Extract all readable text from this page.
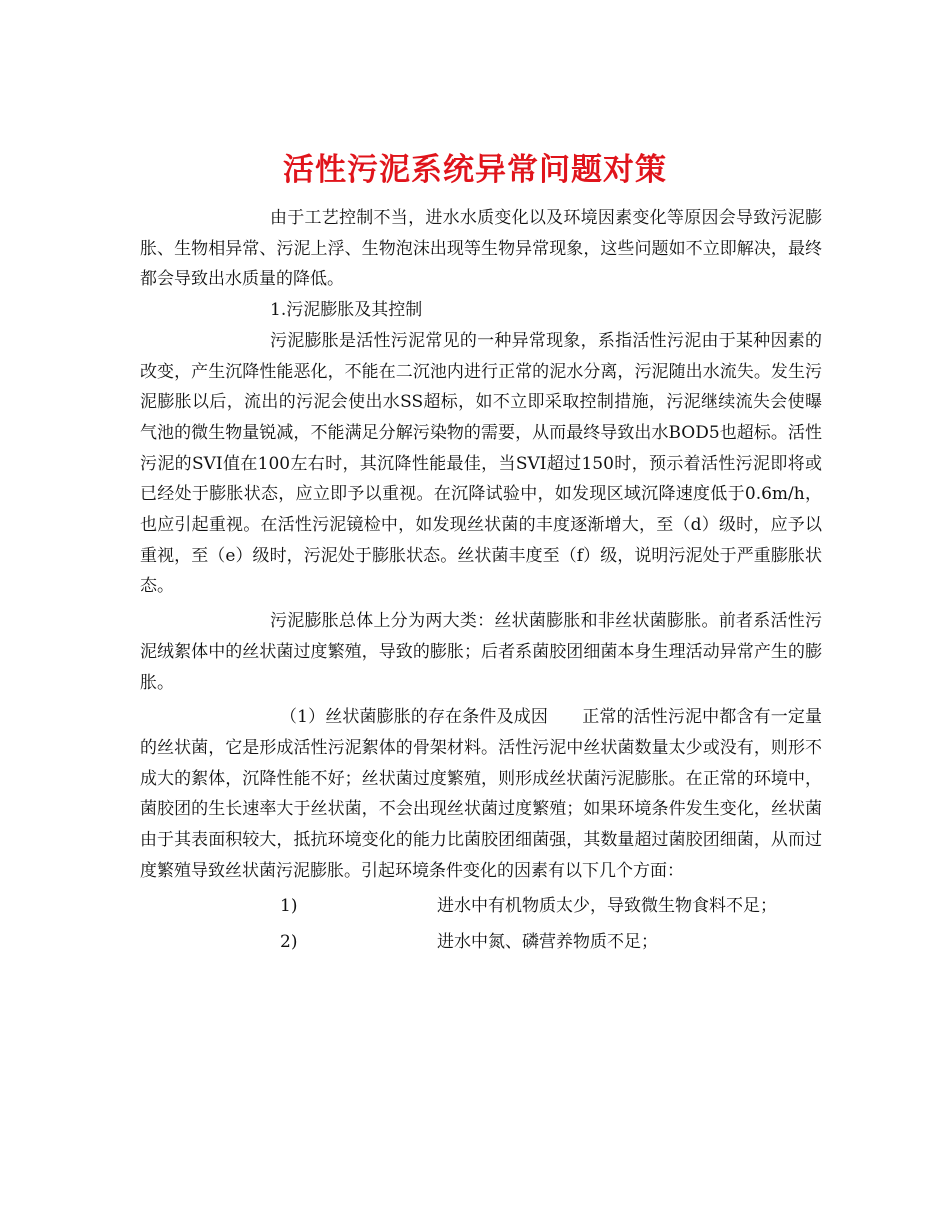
活性污泥系统异常问题对策

由于工艺控制不当，进水水质变化以及环境因素变化等原因会导致污泥膨胀、生物相异常、污泥上浮、生物泡沫出现等生物异常现象，这些问题如不立即解决，最终都会导致出水质量的降低。

1.污泥膨胀及其控制

污泥膨胀是活性污泥常见的一种异常现象，系指活性污泥由于某种因素的改变，产生沉降性能恶化，不能在二沉池内进行正常的泥水分离，污泥随出水流失。发生污泥膨胀以后，流出的污泥会使出水SS超标，如不立即采取控制措施，污泥继续流失会使曝气池的微生物量锐减，不能满足分解污染物的需要，从而最终导致出水BOD5也超标。活性污泥的SVI值在100左右时，其沉降性能最佳，当SVI超过150时，预示着活性污泥即将或已经处于膨胀状态，应立即予以重视。在沉降试验中，如发现区域沉降速度低于0.6m/h，也应引起重视。在活性污泥镜检中，如发现丝状菌的丰度逐渐增大，至（d）级时，应予以重视，至（e）级时，污泥处于膨胀状态。丝状菌丰度至（f）级，说明污泥处于严重膨胀状态。

污泥膨胀总体上分为两大类：丝状菌膨胀和非丝状菌膨胀。前者系活性污泥绒絮体中的丝状菌过度繁殖，导致的膨胀；后者系菌胶团细菌本身生理活动异常产生的膨胀。

（1）丝状菌膨胀的存在条件及成因　　正常的活性污泥中都含有一定量的丝状菌，它是形成活性污泥絮体的骨架材料。活性污泥中丝状菌数量太少或没有，则形不成大的絮体，沉降性能不好；丝状菌过度繁殖，则形成丝状菌污泥膨胀。在正常的环境中，菌胶团的生长速率大于丝状菌，不会出现丝状菌过度繁殖；如果环境条件发生变化，丝状菌由于其表面积较大，抵抗环境变化的能力比菌胶团细菌强，其数量超过菌胶团细菌，从而过度繁殖导致丝状菌污泥膨胀。引起环境条件变化的因素有以下几个方面：

1)	进水中有机物质太少，导致微生物食料不足；
2)	进水中氮、磷营养物质不足；
